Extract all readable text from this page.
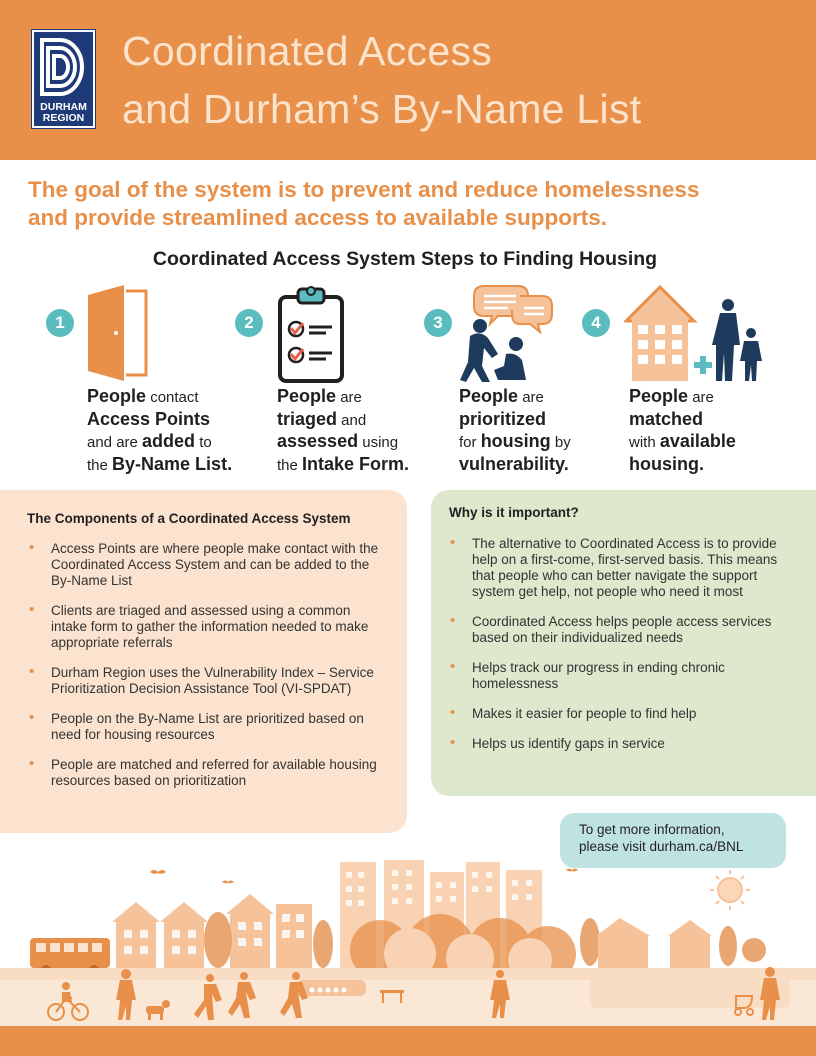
DURHAM
REGION
Coordinated Access
and Durham’s By-Name List
The goal of the system is to prevent and reduce homelessness
and provide streamlined access to available supports.
Coordinated Access System Steps to Finding Housing
1
People contact
Access Points
and are added to
the By-Name List.
2
People are
triaged and
assessed using
the Intake Form.
3
People are
prioritized
for housing by
vulnerability.
4
People are
matched
with available
housing.
The Components of a Coordinated Access System
• Access Points are where people make contact with the Coordinated Access System and can be added to the By-Name List
• Clients are triaged and assessed using a common intake form to gather the information needed to make appropriate referrals
• Durham Region uses the Vulnerability Index – Service Prioritization Decision Assistance Tool (VI-SPDAT)
• People on the By-Name List are prioritized based on need for housing resources
• People are matched and referred for available housing resources based on prioritization
Why is it important?
• The alternative to Coordinated Access is to provide help on a first-come, first-served basis. This means that people who can better navigate the support system get help, not people who need it most
• Coordinated Access helps people access services based on their individualized needs
• Helps track our progress in ending chronic homelessness
• Makes it easier for people to find help
• Helps us identify gaps in service
To get more information,
please visit durham.ca/BNL
